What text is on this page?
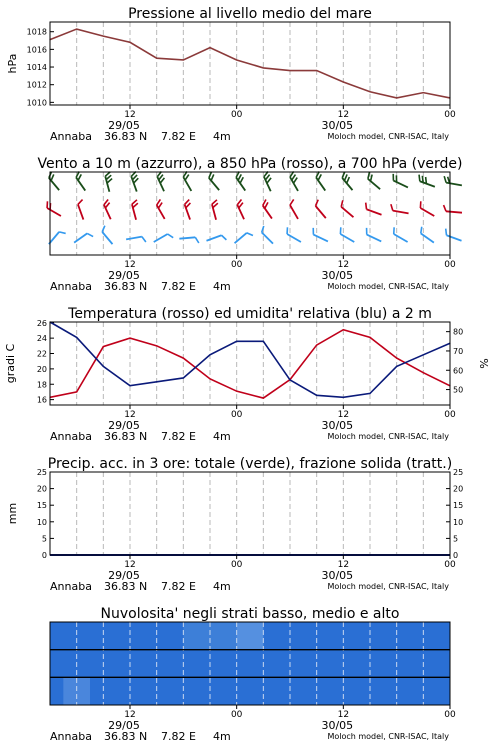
Pressione al livello medio del mare
1010
1012
1014
1016
1018
12	00	12	00
29/05	30/05
Annaba 36.83 N 7.82 E 4m	Moloch model, CNR-ISAC, Italy
hPa
Vento a 10 m (azzurro), a 850 hPa (rosso), a 700 hPa (verde)
12	00	12	00
29/05	30/05
Annaba 36.83 N 7.82 E 4m	Moloch model, CNR-ISAC, Italy
Temperatura (rosso) ed umidita' relativa (blu) a 2 m
16
18
20
22
24
26
50
60
70
80
12	00	12	00
29/05	30/05
Annaba 36.83 N 7.82 E 4m	Moloch model, CNR-ISAC, Italy
gradi C	%
Precip. acc. in 3 ore: totale (verde), frazione solida (tratt.)
0
5
10
15
20
25
0
5
10
15
20
25
12	00	12	00
29/05	30/05
Annaba 36.83 N 7.82 E 4m	Moloch model, CNR-ISAC, Italy
mm
Nuvolosita' negli strati basso, medio e alto
12	00	12	00
29/05	30/05
Annaba 36.83 N 7.82 E 4m	Moloch model, CNR-ISAC, Italy
